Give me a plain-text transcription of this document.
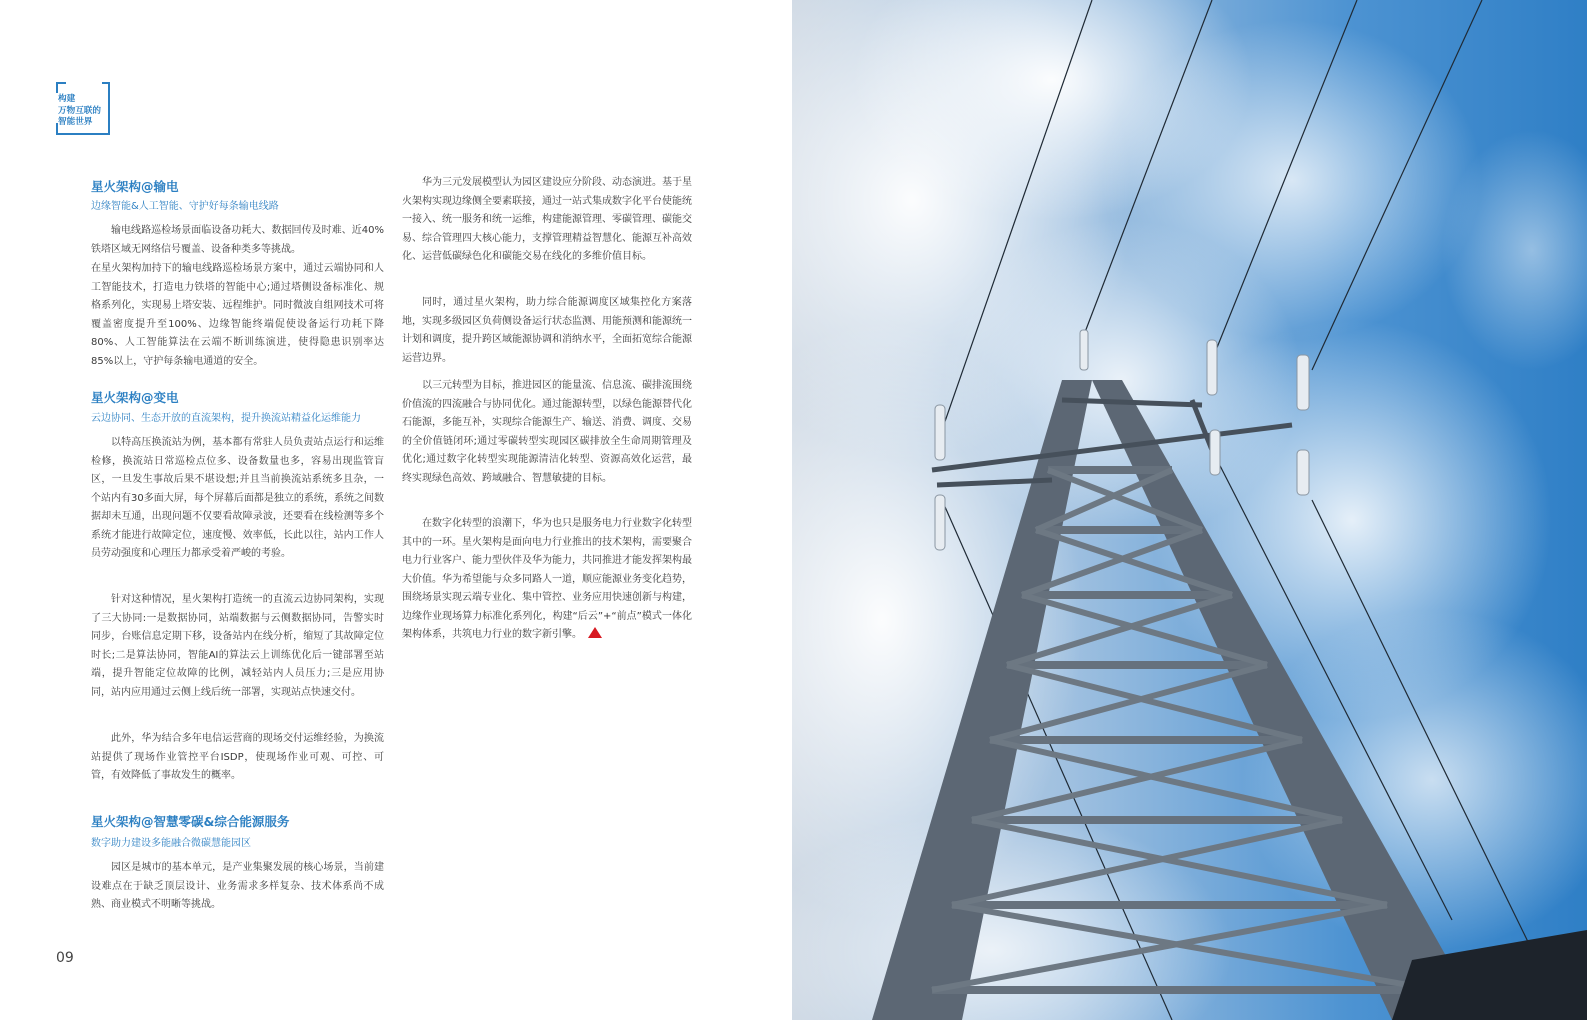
构建
万物互联的
智能世界
星火架构@输电
边缘智能&人工智能、守护好每条输电线路

输电线路巡检场景面临设备功耗大、数据回传及时难、近40%铁塔区域无网络信号覆盖、设备种类多等挑战。

在星火架构加持下的输电线路巡检场景方案中，通过云端协同和人工智能技术，打造电力铁塔的智能中心;通过塔侧设备标准化、规格系列化，实现易上塔安装、远程维护。同时微波自组网技术可将覆盖密度提升至100%、边缘智能终端促使设备运行功耗下降80%、人工智能算法在云端不断训练演进，使得隐患识别率达85%以上，守护每条输电通道的安全。

星火架构@变电
云边协同、生态开放的直流架构，提升换流站精益化运维能力

以特高压换流站为例，基本都有常驻人员负责站点运行和运维检修，换流站日常巡检点位多、设备数量也多，容易出现监管盲区，一旦发生事故后果不堪设想;并且当前换流站系统多且杂，一个站内有30多面大屏，每个屏幕后面都是独立的系统，系统之间数据却未互通，出现问题不仅要看故障录波，还要看在线检测等多个系统才能进行故障定位，速度慢、效率低，长此以往，站内工作人员劳动强度和心理压力都承受着严峻的考验。

针对这种情况，星火架构打造统一的直流云边协同架构，实现了三大协同:一是数据协同，站端数据与云侧数据协同，告警实时同步，台账信息定期下移，设备站内在线分析，缩短了其故障定位时长;二是算法协同，智能AI的算法云上训练优化后一键部署至站端，提升智能定位故障的比例，减轻站内人员压力;三是应用协同，站内应用通过云侧上线后统一部署，实现站点快速交付。

此外，华为结合多年电信运营商的现场交付运维经验，为换流站提供了现场作业管控平台ISDP，使现场作业可观、可控、可管，有效降低了事故发生的概率。

星火架构@智慧零碳&综合能源服务
数字助力建设多能融合微碳慧能园区

园区是城市的基本单元，是产业集聚发展的核心场景，当前建设难点在于缺乏顶层设计、业务需求多样复杂、技术体系尚不成熟、商业模式不明晰等挑战。

华为三元发展模型认为园区建设应分阶段、动态演进。基于星火架构实现边缘侧全要素联接，通过一站式集成数字化平台使能统一接入、统一服务和统一运维，构建能源管理、零碳管理、碳能交易、综合管理四大核心能力，支撑管理精益智慧化、能源互补高效化、运营低碳绿色化和碳能交易在线化的多维价值目标。

同时，通过星火架构，助力综合能源调度区域集控化方案落地，实现多级园区负荷侧设备运行状态监测、用能预测和能源统一计划和调度，提升跨区域能源协调和消纳水平，全面拓宽综合能源运营边界。

以三元转型为目标，推进园区的能量流、信息流、碳排流围绕价值流的四流融合与协同优化。通过能源转型，以绿色能源替代化石能源，多能互补，实现综合能源生产、输送、消费、调度、交易的全价值链闭环;通过零碳转型实现园区碳排放全生命周期管理及优化;通过数字化转型实现能源清洁化转型、资源高效化运营，最终实现绿色高效、跨域融合、智慧敏捷的目标。

在数字化转型的浪潮下，华为也只是服务电力行业数字化转型其中的一环。星火架构是面向电力行业推出的技术架构，需要聚合电力行业客户、能力型伙伴及华为能力，共同推进才能发挥架构最大价值。华为希望能与众多同路人一道，顺应能源业务变化趋势，围绕场景实现云端专业化、集中管控、业务应用快速创新与构建，边缘作业现场算力标准化系列化，构建“后云”+“前点”模式一体化架构体系，共筑电力行业的数字新引擎。

09
